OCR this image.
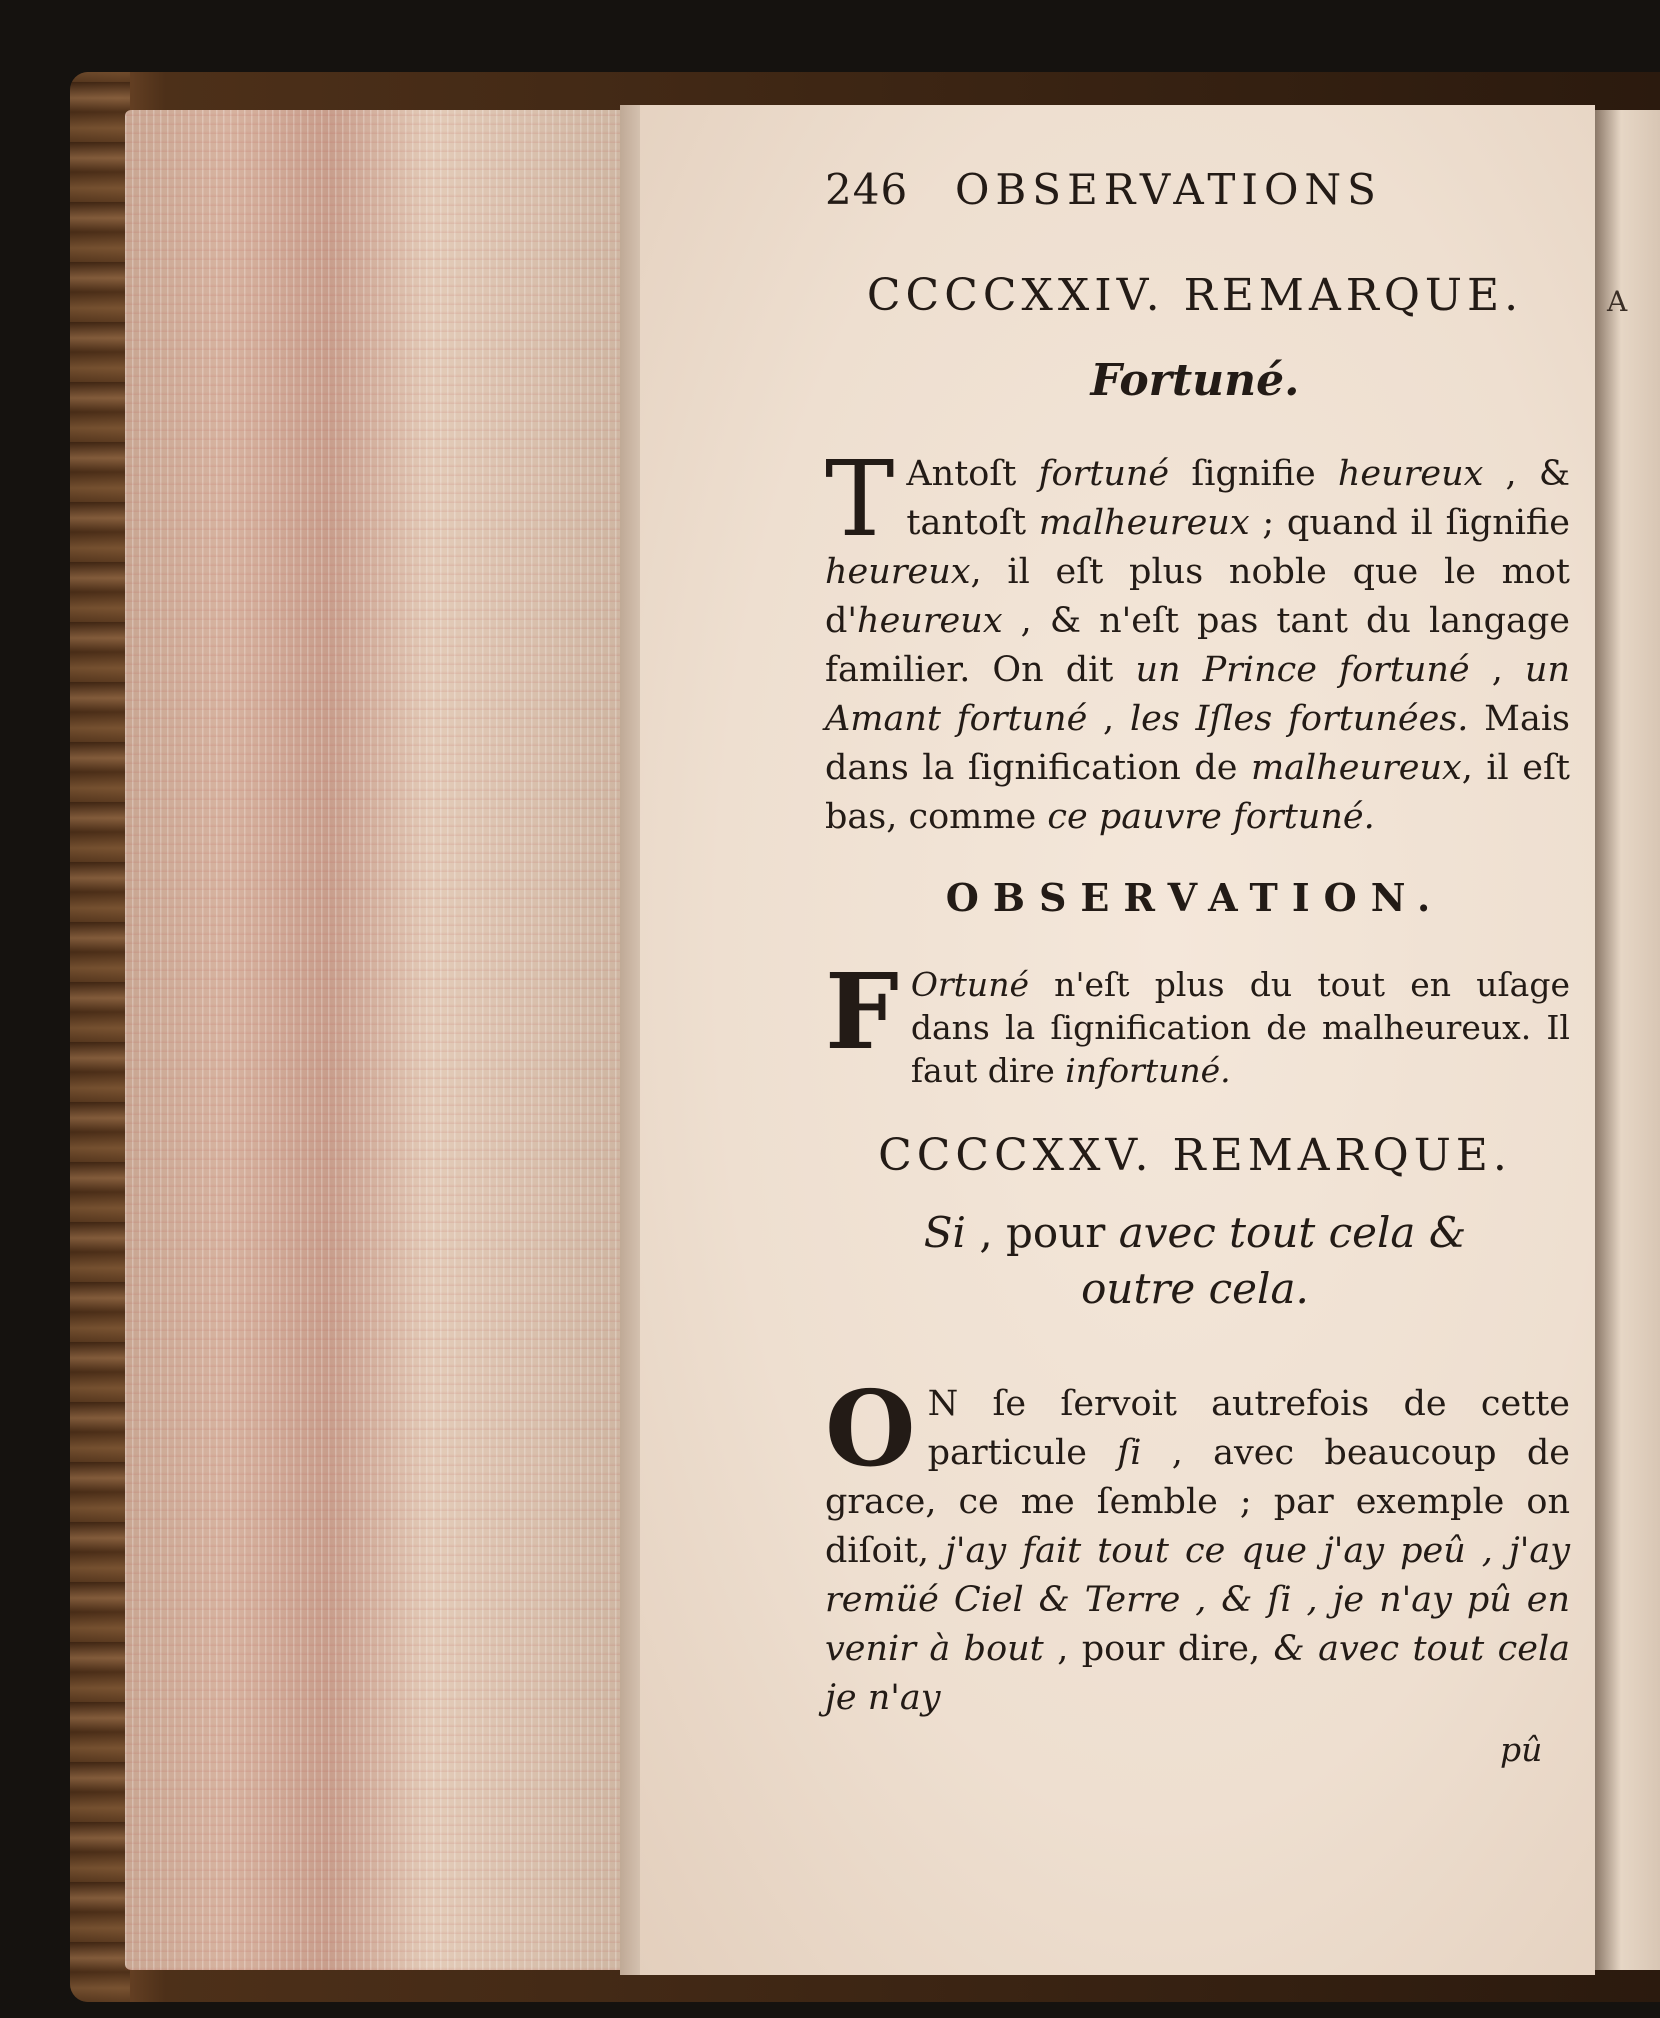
246 OBSERVATIONS
CCCCXXIV. REMARQUE.
Fortuné.
T Antoſt fortuné ſignifie heureux , & tantoſt malheureux ; quand il ſignifie heureux, il eſt plus noble que le mot d'heureux , & n'eſt pas tant du langage familier. On dit un Prince fortuné , un Amant fortuné , les Iſles fortunées. Mais dans la ſignification de malheureux, il eſt bas, comme ce pauvre fortuné.
OBSERVATION.
F Ortuné n'eſt plus du tout en uſage dans la ſignification de malheureux. Il faut dire infortuné.
CCCCXXV. REMARQUE.
Si , pour avec tout cela & outre cela.
O N ſe ſervoit autrefois de cette particule ſi , avec beaucoup de grace, ce me ſemble ; par exemple on diſoit, j'ay fait tout ce que j'ay peû , j'ay remüé Ciel & Terre , & ſi , je n'ay pû en venir à bout , pour dire, & avec tout cela je n'ay
pû
A
